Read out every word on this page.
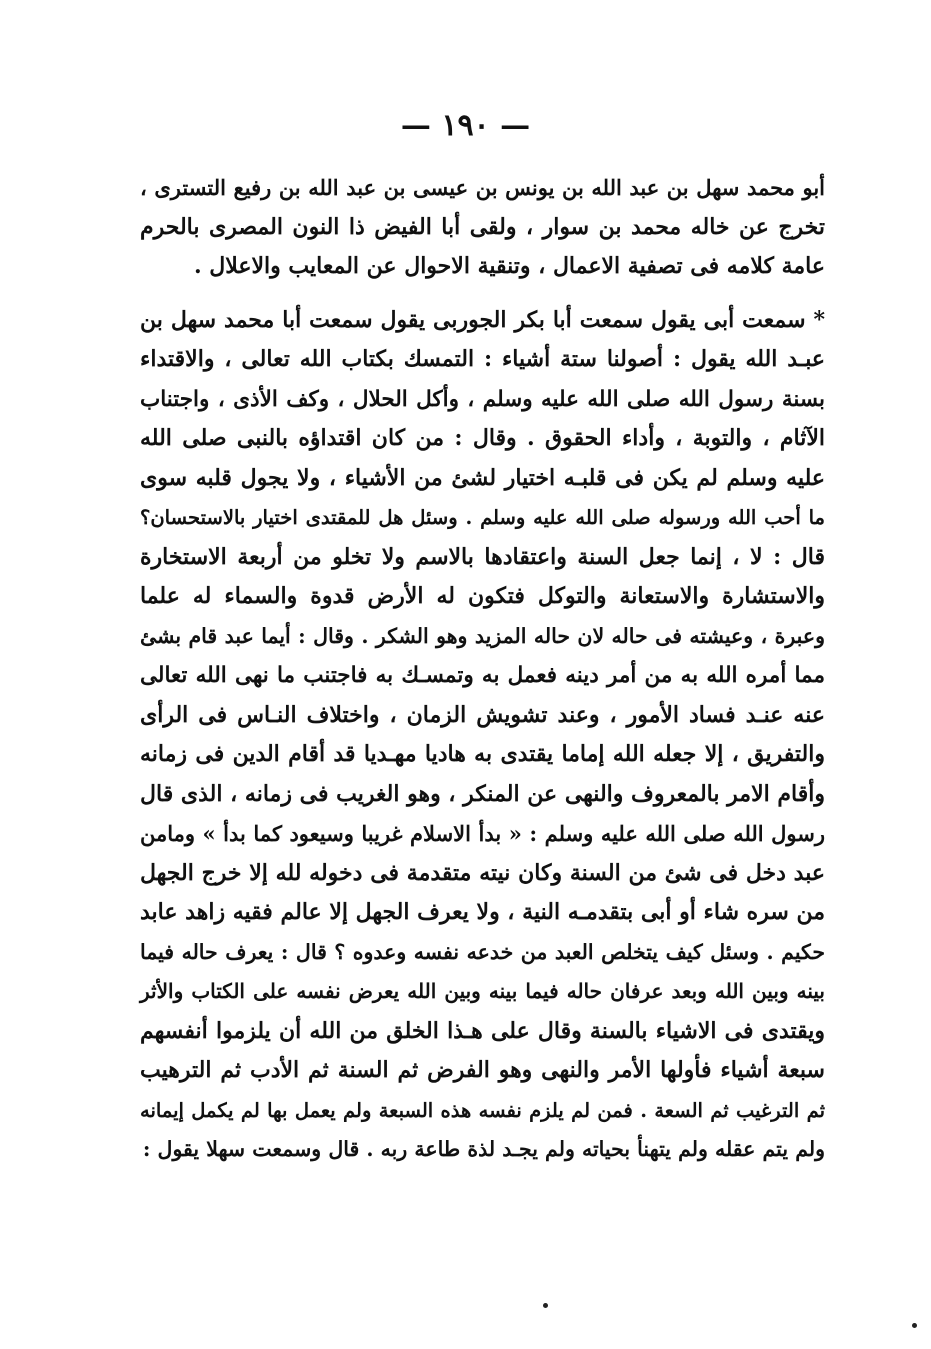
— ١٩٠ —
أبو محمد سهل بن عبد الله بن يونس بن عيسى بن عبد الله بن رفيع التسترى ،
تخرج عن خاله محمد بن سوار ، ولقى أبا الفيض ذا النون المصرى بالحرم
عامة كلامه فى تصفية الاعمال ، وتنقية الاحوال عن المعايب والاعلال .
* سمعت أبى يقول سمعت أبا بكر الجوربى يقول سمعت أبا محمد سهل بن
عبـد الله يقول : أصولنا ستة أشياء : التمسك بكتاب الله تعالى ، والاقتداء
بسنة رسول الله صلى الله عليه وسلم ، وأكل الحلال ، وكف الأذى ، واجتناب
الآثام ، والتوبة ، وأداء الحقوق . وقال : من كان اقتداؤه بالنبى صلى الله
عليه وسلم لم يكن فى قلبـه اختيار لشئ من الأشياء ، ولا يجول قلبه سوى
ما أحب الله ورسوله صلى الله عليه وسلم . وسئل هل للمقتدى اختيار بالاستحسان؟
قال : لا ، إنما جعل السنة واعتقادها بالاسم ولا تخلو من أربعة الاستخارة
والاستشارة والاستعانة والتوكل فتكون له الأرض قدوة والسماء له علما
وعبرة ، وعيشته فى حاله لان حاله المزيد وهو الشكر . وقال : أيما عبد قام بشئ
مما أمره الله به من أمر دينه فعمل به وتمسـك به فاجتنب ما نهى الله تعالى
عنه عنـد فساد الأمور ، وعند تشويش الزمان ، واختلاف النـاس فى الرأى
والتفريق ، إلا جعله الله إماما يقتدى به هاديا مهـديا قد أقام الدين فى زمانه
وأقام الامر بالمعروف والنهى عن المنكر ، وهو الغريب فى زمانه ، الذى قال
رسول الله صلى الله عليه وسلم : « بدأ الاسلام غريبا وسيعود كما بدأ » ومامن
عبد دخل فى شئ من السنة وكان نيته متقدمة فى دخوله لله إلا خرج الجهل
من سره شاء أو أبى بتقدمـه النية ، ولا يعرف الجهل إلا عالم فقيه زاهد عابد
حكيم . وسئل كيف يتخلص العبد من خدعه نفسه وعدوه ؟ قال : يعرف حاله فيما
بينه وبين الله وبعد عرفان حاله فيما بينه وبين الله يعرض نفسه على الكتاب والأثر
ويقتدى فى الاشياء بالسنة وقال على هـذا الخلق من الله أن يلزموا أنفسهم
سبعة أشياء فأولها الأمر والنهى وهو الفرض ثم السنة ثم الأدب ثم الترهيب
ثم الترغيب ثم السعة . فمن لم يلزم نفسه هذه السبعة ولم يعمل بها لم يكمل إيمانه
ولم يتم عقله ولم يتهنأ بحياته ولم يجـد لذة طاعة ربه . قال وسمعت سهلا يقول :
